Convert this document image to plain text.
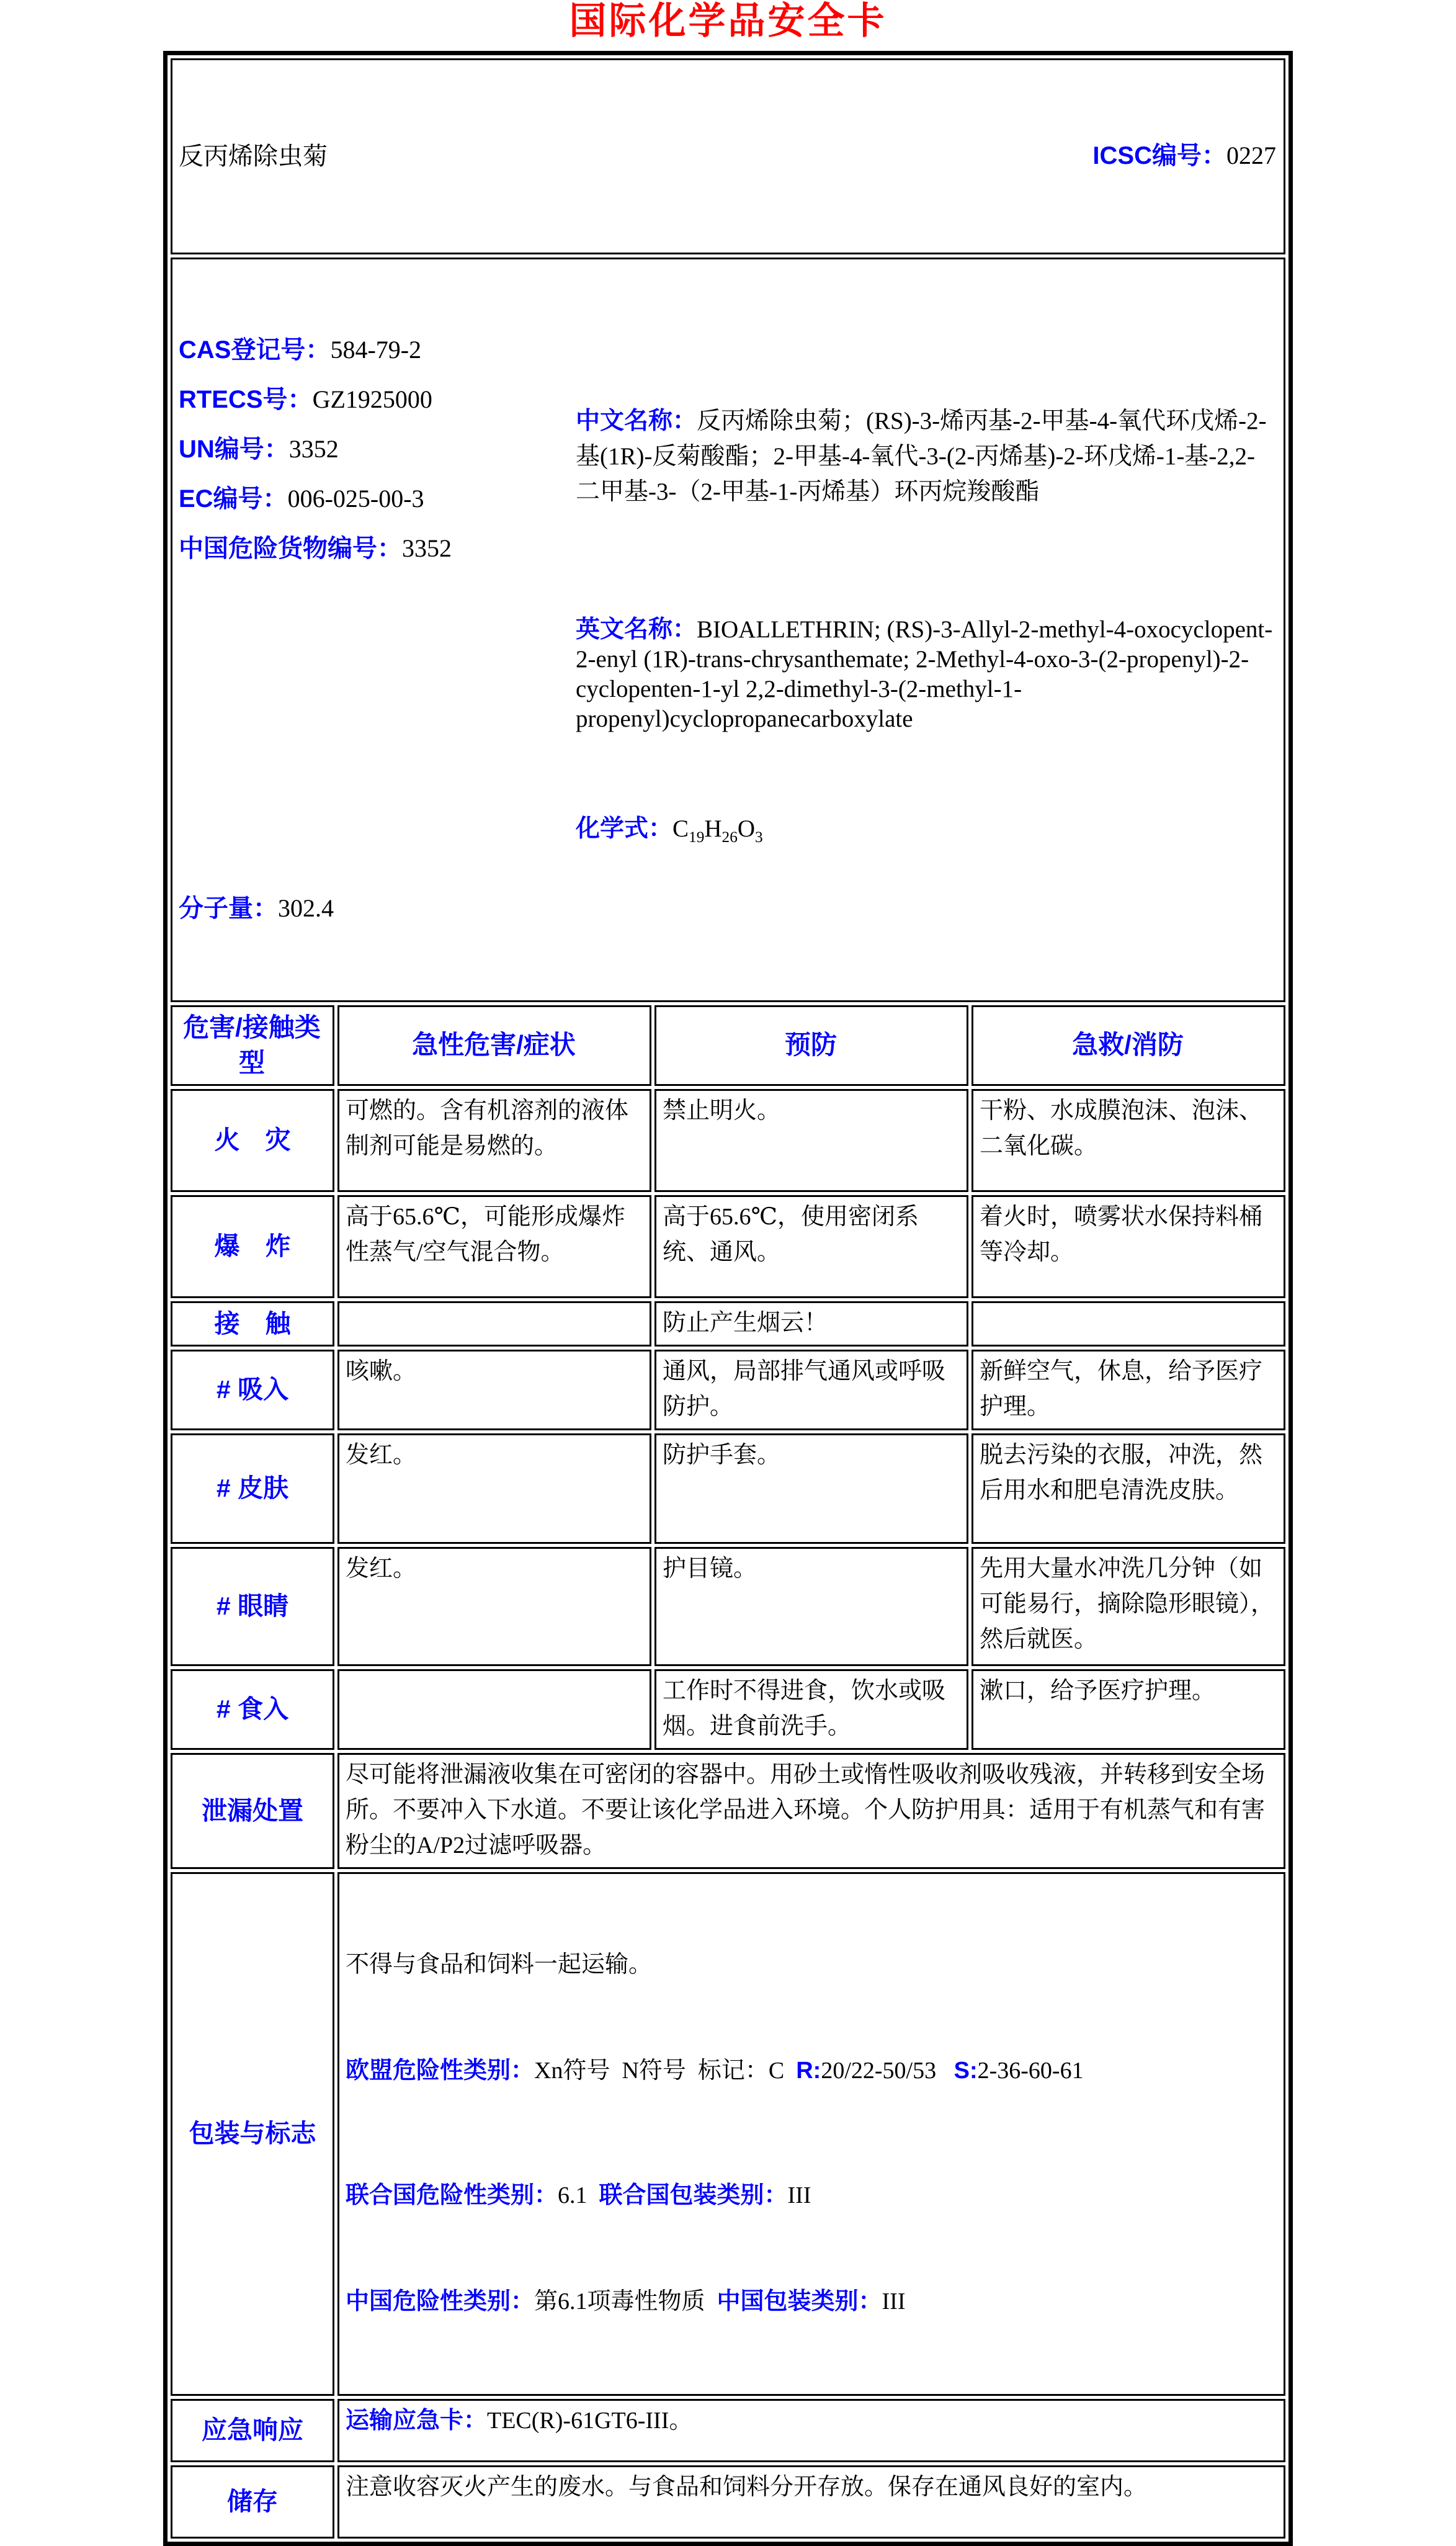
国际化学品安全卡

反丙烯除虫菊 ICSC编号：0227			

CAS登记号：584-79-2
RTECS号：GZ1925000
UN编号：3352
EC编号：006-025-00-3
中国危险货物编号：3352
分子量：302.4

中文名称：反丙烯除虫菊；(RS)-3-烯丙基-2-甲基-4-氧代环戊烯-2-基(1R)-反菊酸酯；2-甲基-4-氧代-3-(2-丙烯基)-2-环戊烯-1-基-2,2-二甲基-3-（2-甲基-1-丙烯基）环丙烷羧酸酯

英文名称：BIOALLETHRIN; (RS)-3-Allyl-2-methyl-4-oxocyclopent-2-enyl (1R)-trans-chrysanthemate; 2-Methyl-4-oxo-3-(2-propenyl)-2-cyclopenten-1-yl 2,2-dimethyl-3-(2-methyl-1-propenyl)cyclopropanecarboxylate

化学式：$C_{19}H_{26}O_3$

危害/接触类型	急性危害/症状	预防	急救/消防
火　灾	可燃的。含有机溶剂的液体制剂可能是易燃的。	禁止明火。	干粉、水成膜泡沫、泡沫、二氧化碳。
爆　炸	高于65.6℃，可能形成爆炸性蒸气/空气混合物。	高于65.6℃，使用密闭系统、通风。	着火时，喷雾状水保持料桶等冷却。
接　触		防止产生烟云！	
# 吸入	咳嗽。	通风，局部排气通风或呼吸防护。	新鲜空气，休息，给予医疗护理。
# 皮肤	发红。	防护手套。	脱去污染的衣服，冲洗，然后用水和肥皂清洗皮肤。
# 眼睛	发红。	护目镜。	先用大量水冲洗几分钟（如可能易行，摘除隐形眼镜），然后就医。
# 食入		工作时不得进食，饮水或吸烟。进食前洗手。	漱口，给予医疗护理。
泄漏处置	尽可能将泄漏液收集在可密闭的容器中。用砂土或惰性吸收剂吸收残液，并转移到安全场所。不要冲入下水道。不要让该化学品进入环境。个人防护用具：适用于有机蒸气和有害粉尘的A/P2过滤呼吸器。		
包装与标志	不得与食品和饲料一起运输。

欧盟危险性类别：Xn符号  N符号  标记：C  R:20/22-50/53   S:2-36-60-61

联合国危险性类别：6.1  联合国包装类别：III

中国危险性类别：第6.1项毒性物质  中国包装类别：III		

应急响应	运输应急卡：TEC(R)-61GT6-III。		
储存	注意收容灭火产生的废水。与食品和饲料分开存放。保存在通风良好的室内。		
